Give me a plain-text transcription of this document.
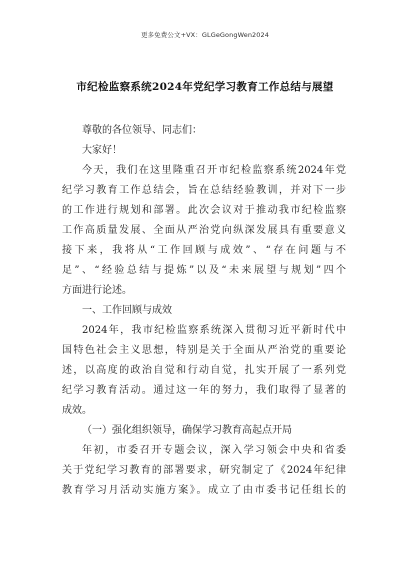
更多免费公文+VX：GLGeGongWen2024
市纪检监察系统2024年党纪学习教育工作总结与展望
尊敬的各位领导、同志们：
大家好！
今天，我们在这里隆重召开市纪检监察系统2024年党
纪学习教育工作总结会，旨在总结经验教训，并对下一步
的工作进行规划和部署。此次会议对于推动我市纪检监察
工作高质量发展、全面从严治党向纵深发展具有重要意义
接下来，我将从“工作回顾与成效”、“存在问题与不
足”、“经验总结与提炼”以及“未来展望与规划”四个
方面进行论述。
一、工作回顾与成效
2024年，我市纪检监察系统深入贯彻习近平新时代中
国特色社会主义思想，特别是关于全面从严治党的重要论
述，以高度的政治自觉和行动自觉，扎实开展了一系列党
纪学习教育活动。通过这一年的努力，我们取得了显著的
成效。
（一）强化组织领导，确保学习教育高起点开局
年初，市委召开专题会议，深入学习领会中央和省委
关于党纪学习教育的部署要求，研究制定了《2024年纪律
教育学习月活动实施方案》。成立了由市委书记任组长的
